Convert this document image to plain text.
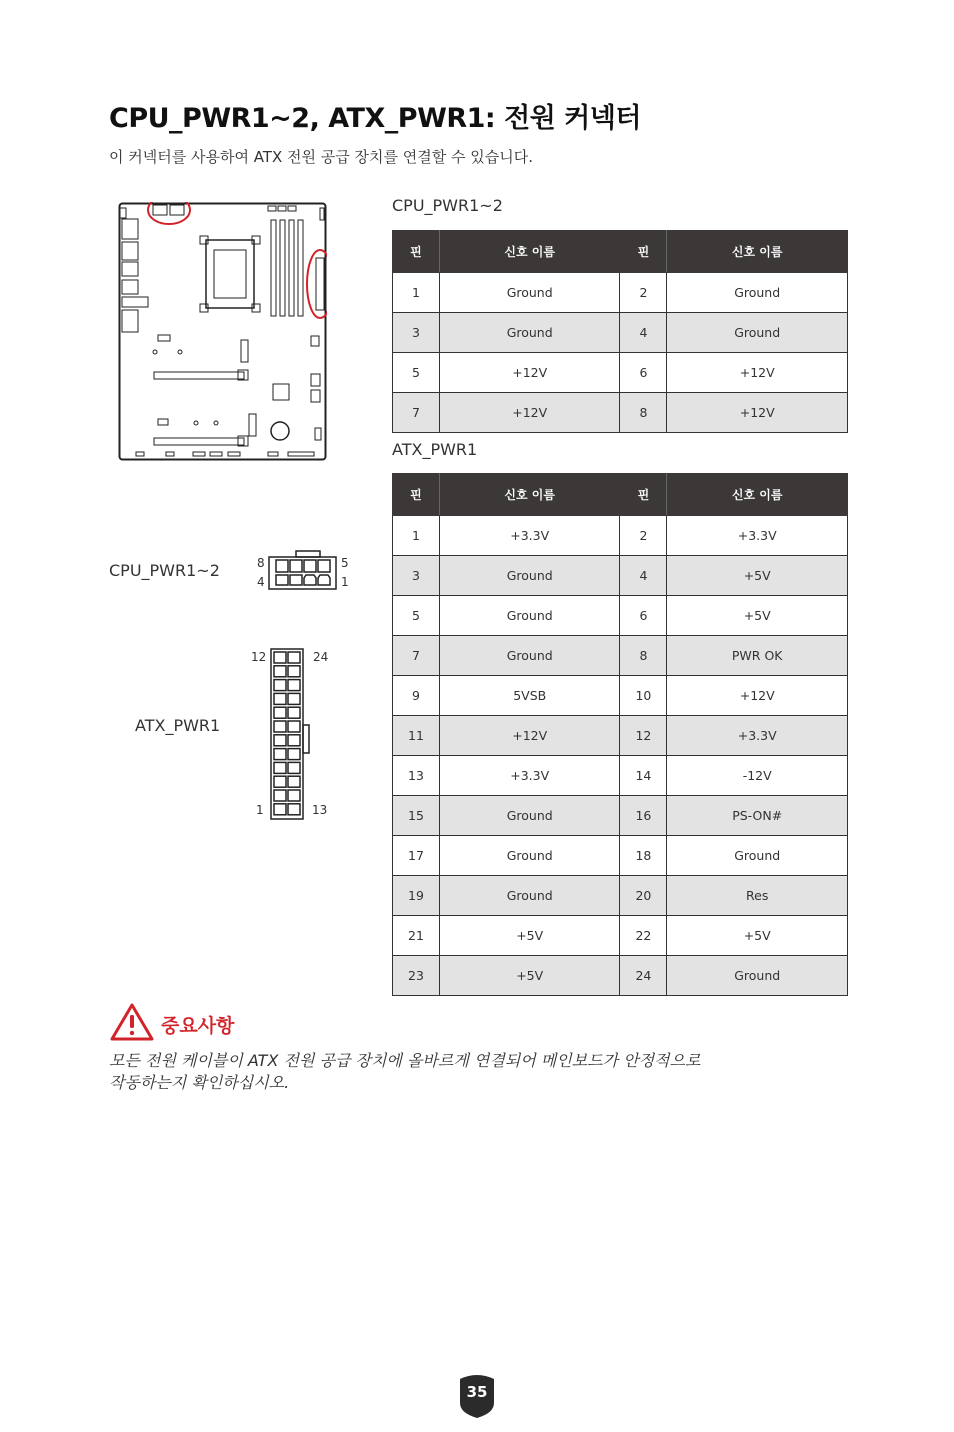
CPU_PWR1~2, ATX_PWR1: 전원 커넥터
이 커넥터를 사용하여 ATX 전원 공급 장치를 연결할 수 있습니다.
CPU_PWR1~2	8
4
5
1
ATX_PWR1
12
1
24
13
CPU_PWR1~2
핀	신호 이름	핀	신호 이름
1	Ground	2	Ground
3	Ground	4	Ground
5	+12V	6	+12V
7	+12V	8	+12V
ATX_PWR1
핀	신호 이름	핀	신호 이름
1	+3.3V	2	+3.3V
3	Ground	4	+5V
5	Ground	6	+5V
7	Ground	8	PWR OK
9	5VSB	10	+12V
11	+12V	12	+3.3V
13	+3.3V	14	-12V
15	Ground	16	PS-ON#
17	Ground	18	Ground
19	Ground	20	Res
21	+5V	22	+5V
23	+5V	24	Ground
중요사항
모든 전원 케이블이 ATX 전원 공급 장치에 올바르게 연결되어 메인보드가 안정적으로
작동하는지 확인하십시오.
35
